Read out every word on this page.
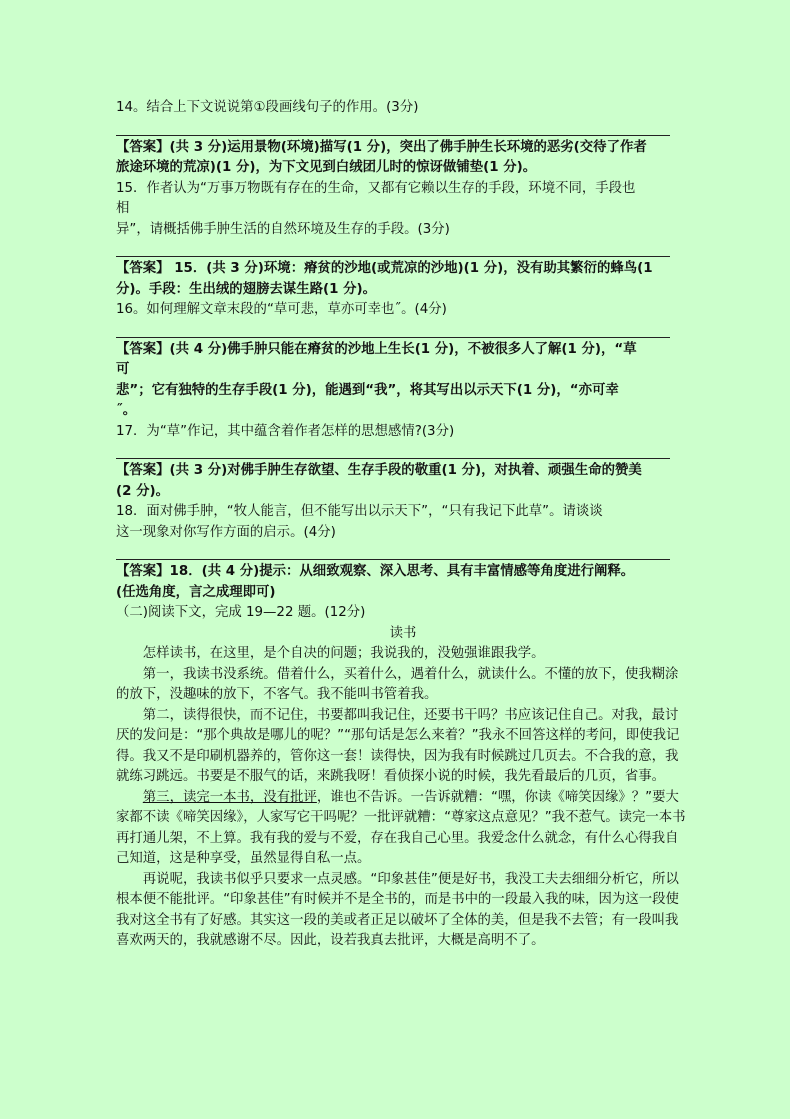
14。结合上下文说说第①段画线句子的作用。(3分)

【答案】(共 3 分)运用景物(环境)描写(1 分)，突出了佛手肿生长环境的恶劣(交待了作者
旅途环境的荒凉)(1 分)，为下文见到白绒团儿时的惊讶做铺垫(1 分)。

15．作者认为“万事万物既有存在的生命，又都有它赖以生存的手段，环境不同，手段也
相
异”，请概括佛手肿生活的自然环境及生存的手段。(3分)

【答案】 15．(共 3 分)环境：瘠贫的沙地(或荒凉的沙地)(1 分)，没有助其繁衍的蜂鸟(1
分)。手段：生出绒的翅膀去谋生路(1 分)。

16。如何理解文章末段的“草可悲，草亦可幸也˝。(4分)

【答案】(共 4 分)佛手肿只能在瘠贫的沙地上生长(1 分)，不被很多人了解(1 分)，“草
可
悲”；它有独特的生存手段(1 分)，能遇到“我”，将其写出以示天下(1 分)，“亦可幸
˝。

17．为“草”作记，其中蕴含着作者怎样的思想感情?(3分)

【答案】(共 3 分)对佛手肿生存欲望、生存手段的敬重(1 分)，对执着、顽强生命的赞美
(2 分)。

18．面对佛手肿，“牧人能言，但不能写出以示天下”，“只有我记下此草”。请谈谈
这一现象对你写作方面的启示。(4分)

【答案】18．(共 4 分)提示：从细致观察、深入思考、具有丰富情感等角度进行阐释。
(任选角度，言之成理即可)

（二)阅读下文，完成 19—22 题。(12分)

读书

怎样读书，在这里，是个自决的问题；我说我的，没勉强谁跟我学。

第一，我读书没系统。借着什么，买着什么，遇着什么，就读什么。不懂的放下，使我糊涂的放下，没趣味的放下，不客气。我不能叫书管着我。

第二，读得很快，而不记住，书要都叫我记住，还要书干吗？书应该记住自己。对我，最讨厌的发问是：“那个典故是哪儿的呢？”“那句话是怎么来着？”我永不回答这样的考问，即使我记得。我又不是印刷机器养的，管你这一套！读得快，因为我有时候跳过几页去。不合我的意，我就练习跳远。书要是不服气的话，来跳我呀！看侦探小说的时候，我先看最后的几页，省事。

第三，读完一本书，没有批评，谁也不告诉。一告诉就糟：“嘿，你读《啼笑因缘》？”要大家都不读《啼笑因缘》，人家写它干吗呢？一批评就糟：“尊家这点意见？”我不惹气。读完一本书再打通儿架，不上算。我有我的爱与不爱，存在我自己心里。我爱念什么就念，有什么心得我自己知道，这是种享受，虽然显得自私一点。

再说呢，我读书似乎只要求一点灵感。“印象甚佳”便是好书，我没工夫去细细分析它，所以根本便不能批评。“印象甚佳”有时候并不是全书的，而是书中的一段最入我的味，因为这一段使我对这全书有了好感。其实这一段的美或者正足以破坏了全体的美，但是我不去管；有一段叫我喜欢两天的，我就感谢不尽。因此，设若我真去批评，大概是高明不了。
